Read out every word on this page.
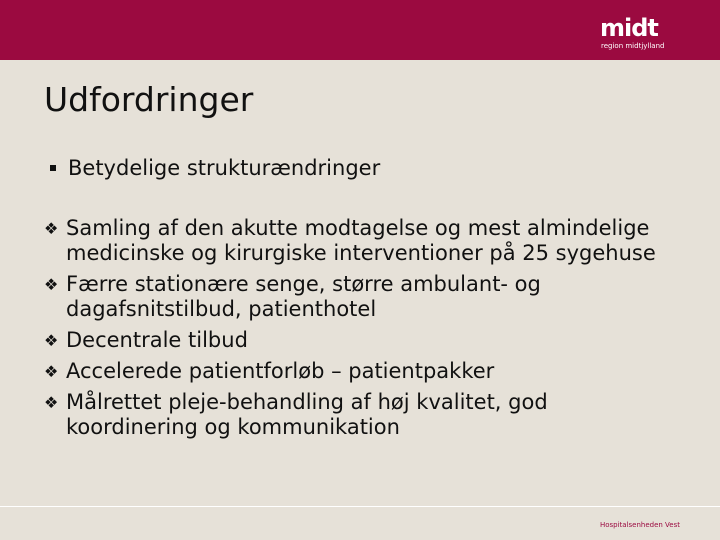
midt
region midtjylland
Udfordringer
Betydelige strukturændringer
❖ Samling af den akutte modtagelse og mest almindelige medicinske og kirurgiske interventioner på 25 sygehuse
❖ Færre stationære senge, større ambulant- og dagafsnitstilbud, patienthotel
❖ Decentrale tilbud
❖ Accelerede patientforløb – patientpakker
❖ Målrettet pleje-behandling af høj kvalitet, god koordinering og kommunikation
Hospitalsenheden Vest
